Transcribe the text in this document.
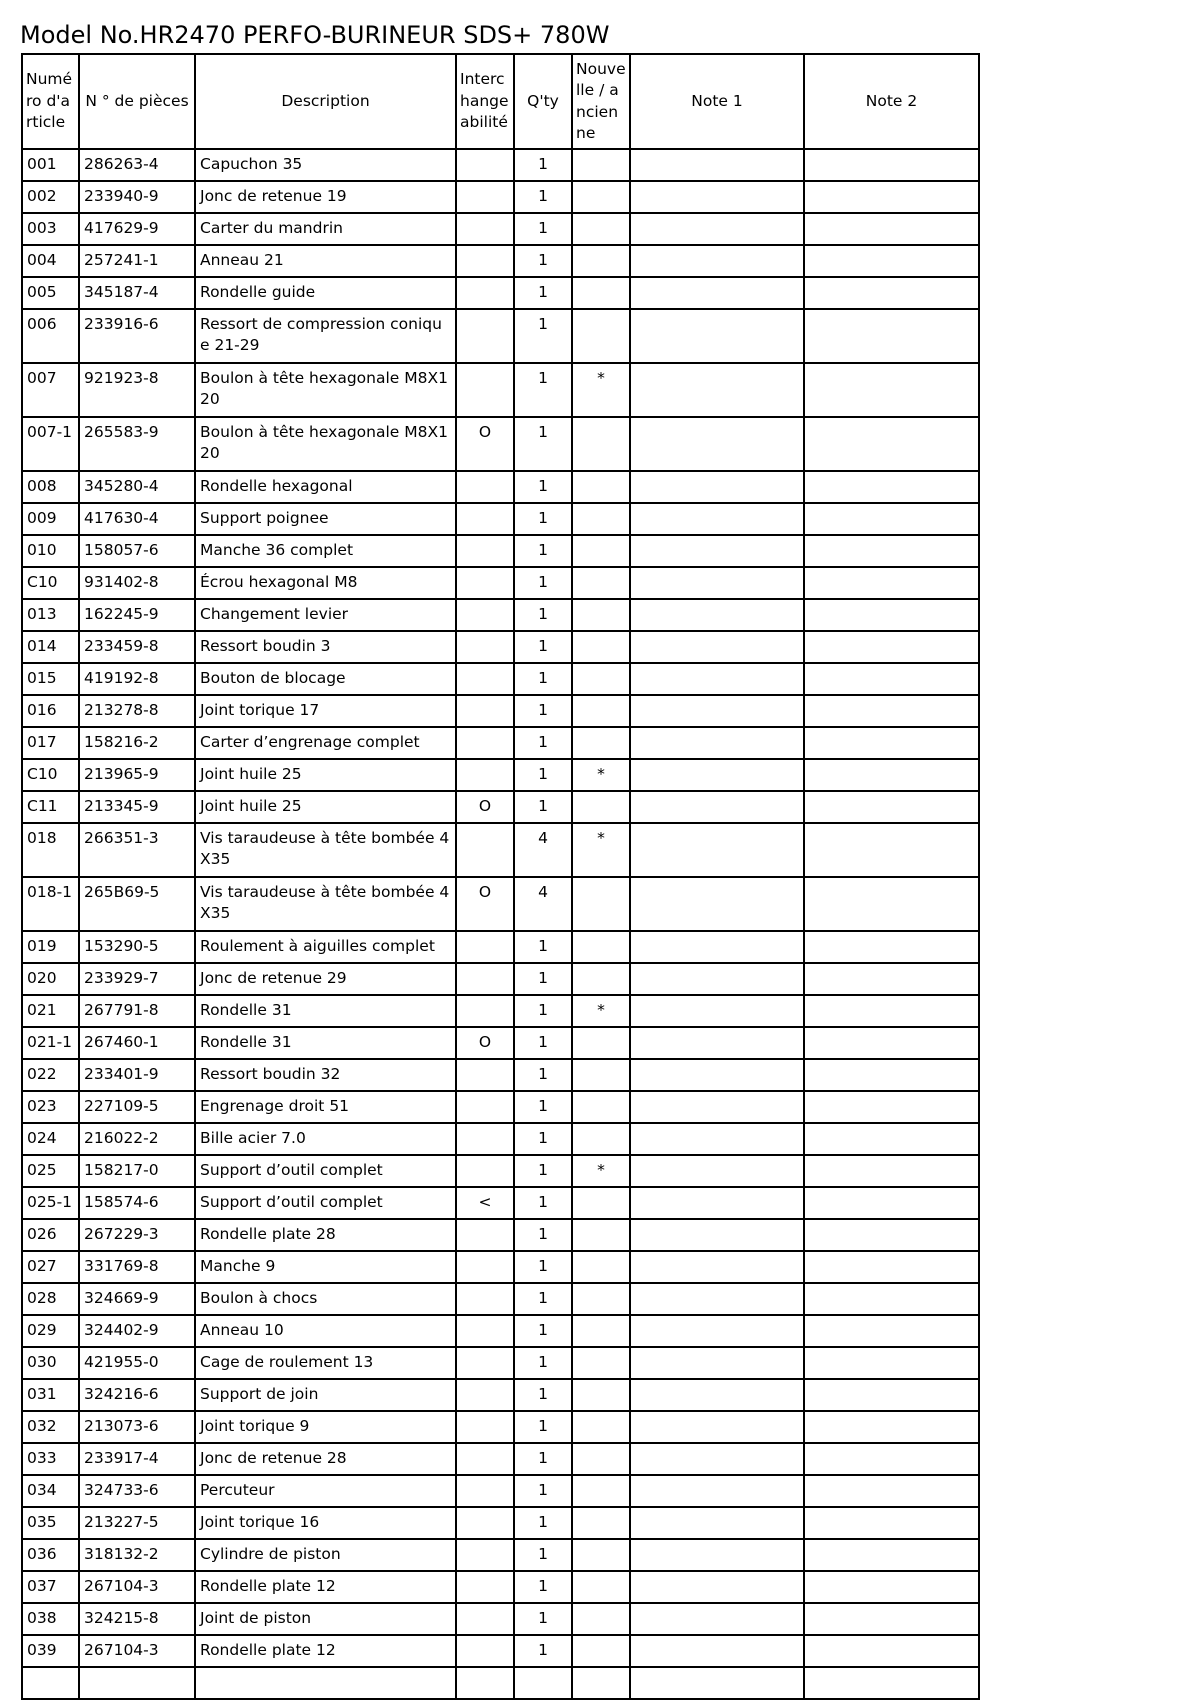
Model No.HR2470 PERFO-BURINEUR SDS+ 780W
Numéro d'article	N ° de pièces	Description	Interchangeabilité	Q'ty	Nouvelle / ancienne	Note 1	Note 2
001	286263-4	Capuchon 35		1			
002	233940-9	Jonc de retenue 19		1			
003	417629-9	Carter du mandrin		1			
004	257241-1	Anneau 21		1			
005	345187-4	Rondelle guide		1			
006	233916-6	Ressort de compression conique 21-29		1			
007	921923-8	Boulon à tête hexagonale M8X120		1	*		
007-1	265583-9	Boulon à tête hexagonale M8X120	O	1			
008	345280-4	Rondelle hexagonal		1			
009	417630-4	Support poignee		1			
010	158057-6	Manche 36 complet		1			
C10	931402-8	Écrou hexagonal M8		1			
013	162245-9	Changement levier		1			
014	233459-8	Ressort boudin 3		1			
015	419192-8	Bouton de blocage		1			
016	213278-8	Joint torique 17		1			
017	158216-2	Carter d’engrenage complet		1			
C10	213965-9	Joint huile 25		1	*		
C11	213345-9	Joint huile 25	O	1			
018	266351-3	Vis taraudeuse à tête bombée 4X35		4	*		
018-1	265B69-5	Vis taraudeuse à tête bombée 4X35	O	4			
019	153290-5	Roulement à aiguilles complet		1			
020	233929-7	Jonc de retenue 29		1			
021	267791-8	Rondelle 31		1	*		
021-1	267460-1	Rondelle 31	O	1			
022	233401-9	Ressort boudin 32		1			
023	227109-5	Engrenage droit 51		1			
024	216022-2	Bille acier 7.0		1			
025	158217-0	Support d’outil complet		1	*		
025-1	158574-6	Support d’outil complet	<	1			
026	267229-3	Rondelle plate 28		1			
027	331769-8	Manche 9		1			
028	324669-9	Boulon à chocs		1			
029	324402-9	Anneau 10		1			
030	421955-0	Cage de roulement 13		1			
031	324216-6	Support de join		1			
032	213073-6	Joint torique 9		1			
033	233917-4	Jonc de retenue 28		1			
034	324733-6	Percuteur		1			
035	213227-5	Joint torique 16		1			
036	318132-2	Cylindre de piston		1			
037	267104-3	Rondelle plate 12		1			
038	324215-8	Joint de piston		1			
039	267104-3	Rondelle plate 12		1			
